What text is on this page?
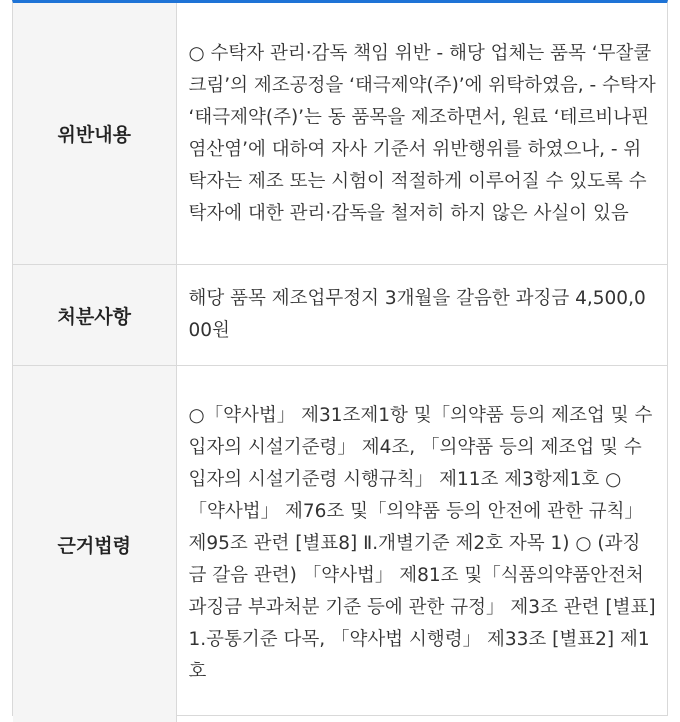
위반내용	○ 수탁자 관리·감독 책임 위반 - 해당 업체는 품목 ‘무잘쿨크림’의 제조공정을 ‘태극제약(주)’에 위탁하였음, - 수탁자 ‘태극제약(주)’는 동 품목을 제조하면서, 원료 ‘테르비나핀염산염’에 대하여 자사 기준서 위반행위를 하였으나, - 위탁자는 제조 또는 시험이 적절하게 이루어질 수 있도록 수탁자에 대한 관리·감독을 철저히 하지 않은 사실이 있음
처분사항	해당 품목 제조업무정지 3개월을 갈음한 과징금 4,500,000원
근거법령	○「약사법」 제31조제1항 및「의약품 등의 제조업 및 수입자의 시설기준령」 제4조, 「의약품 등의 제조업 및 수입자의 시설기준령 시행규칙」 제11조 제3항제1호 ○「약사법」 제76조 및「의약품 등의 안전에 관한 규칙」 제95조 관련 [별표8] Ⅱ.개별기준 제2호 자목 1) ○ (과징금 갈음 관련) 「약사법」 제81조 및「식품의약품안전처 과징금 부과처분 기준 등에 관한 규정」 제3조 관련 [별표] 1.공통기준 다목, 「약사법 시행령」 제33조 [별표2] 제1호
